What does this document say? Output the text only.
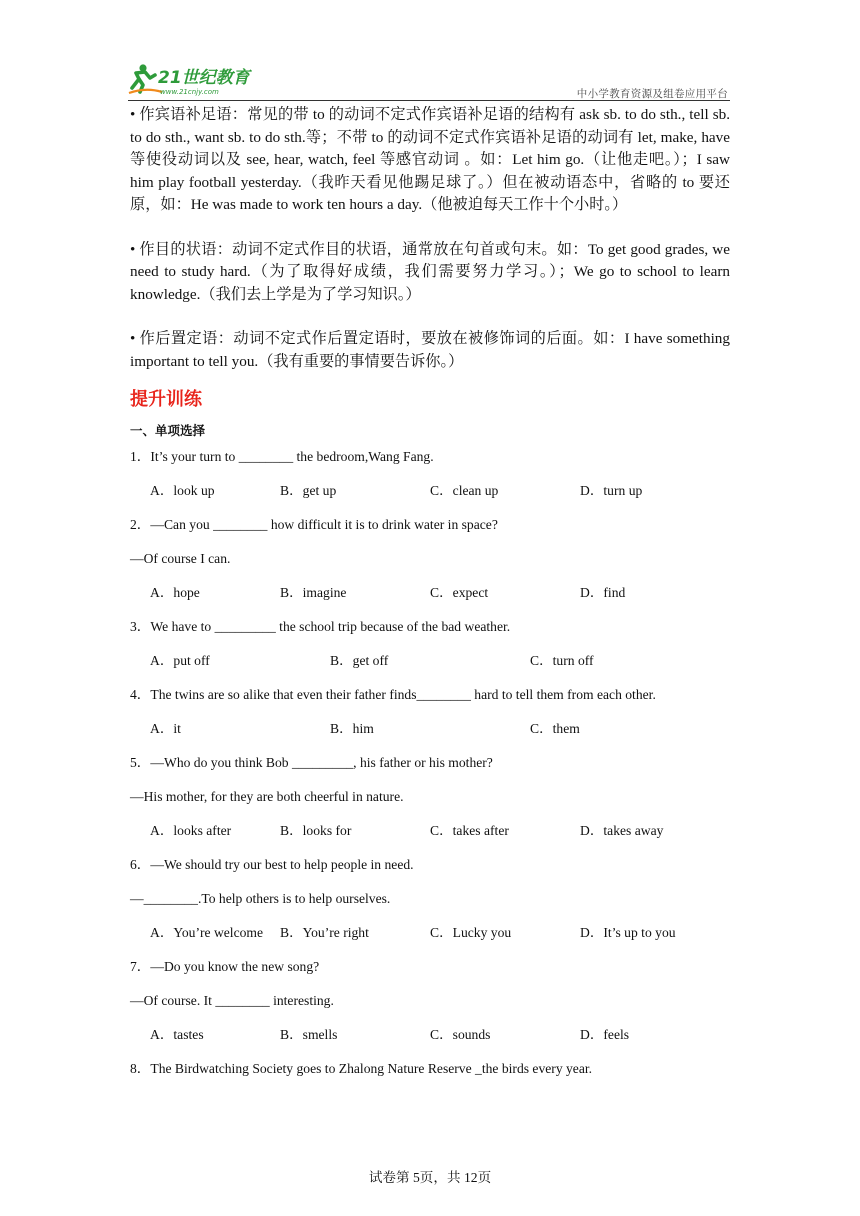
21世纪教育
www.21cnjy.com	中小学教育资源及组卷应用平台

• 作宾语补足语：常见的带 to 的动词不定式作宾语补足语的结构有 ask sb. to do sth., tell sb. to do sth., want sb. to do sth.等；不带 to 的动词不定式作宾语补足语的动词有 let, make, have 等使役动词以及 see, hear, watch, feel 等感官动词 。如：Let him go.（让他走吧。）；I saw him play football yesterday.（我昨天看见他踢足球了。）但在被动语态中，省略的 to 要还原，如：He was made to work ten hours a day.（他被迫每天工作十个小时。）

• 作目的状语：动词不定式作目的状语，通常放在句首或句末。如：To get good grades, we need to study hard.（为了取得好成绩，我们需要努力学习。）；We go to school to learn knowledge.（我们去上学是为了学习知识。）

• 作后置定语：动词不定式作后置定语时，要放在被修饰词的后面。如：I have something important to tell you.（我有重要的事情要告诉你。）

提升训练
一、单项选择
1．It’s your turn to ________ the bedroom,Wang Fang.
A．look up	B．get up	C．clean up	D．turn up
2．—Can you ________ how difficult it is to drink water in space?
—Of course I can.
A．hope	B．imagine	C．expect	D．find
3．We have to _________ the school trip because of the bad weather.
A．put off	B．get off	C．turn off
4．The twins are so alike that even their father finds________ hard to tell them from each other.
A．it	B．him	C．them
5．—Who do you think Bob _________, his father or his mother?
—His mother, for they are both cheerful in nature.
A．looks after	B．looks for	C．takes after	D．takes away
6．—We should try our best to help people in need.
—________.To help others is to help ourselves.
A．You’re welcome B．You’re right	C．Lucky you	D．It’s up to you
7．—Do you know the new song?
—Of course. It ________ interesting.
A．tastes	B．smells	C．sounds	D．feels
8．The Birdwatching Society goes to Zhalong Nature Reserve _the birds every year.
试卷第 5页，共 12页
